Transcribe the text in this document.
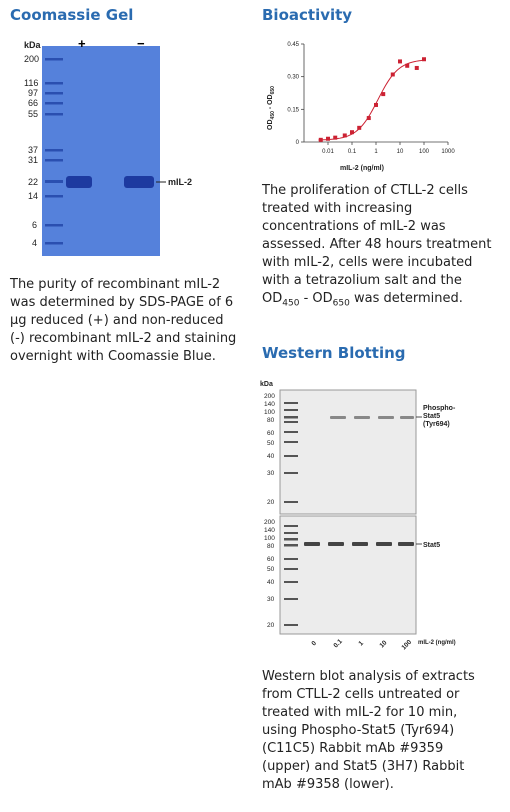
Coomassie Gel
mIL-2
kDa	+	−
200
116
97
66
55
37
31
22
14
6
4
The purity of recombinant mIL-2 was determined by SDS-PAGE of 6 μg reduced (+) and non-reduced (-) recombinant mIL-2 and staining overnight with Coomassie Blue.
Bioactivity
0
0.15
0.30
0.45
0.01 0.1	1	10	100 1000
$OD_{450} - OD_{650}$
mIL-2 (ng/ml)
The proliferation of CTLL-2 cells treated with increasing concentrations of mIL-2 was assessed. After 48 hours treatment with mIL-2, cells were incubated with a tetrazolium salt and the $OD_{450} - OD_{650}$ was determined.
Western Blotting
kDa
200
140
100
80
60
50
40
30
20
200
140
100
80
60
50
40
30
20
Phospho-
Stat5
(Tyr694)
Stat5
0 0.1 1 10 100 mIL-2 (ng/ml)
Western blot analysis of extracts from CTLL-2 cells untreated or treated with mIL-2 for 10 min, using Phospho-Stat5 (Tyr694) (C11C5) Rabbit mAb #9359 (upper) and Stat5 (3H7) Rabbit mAb #9358 (lower).
